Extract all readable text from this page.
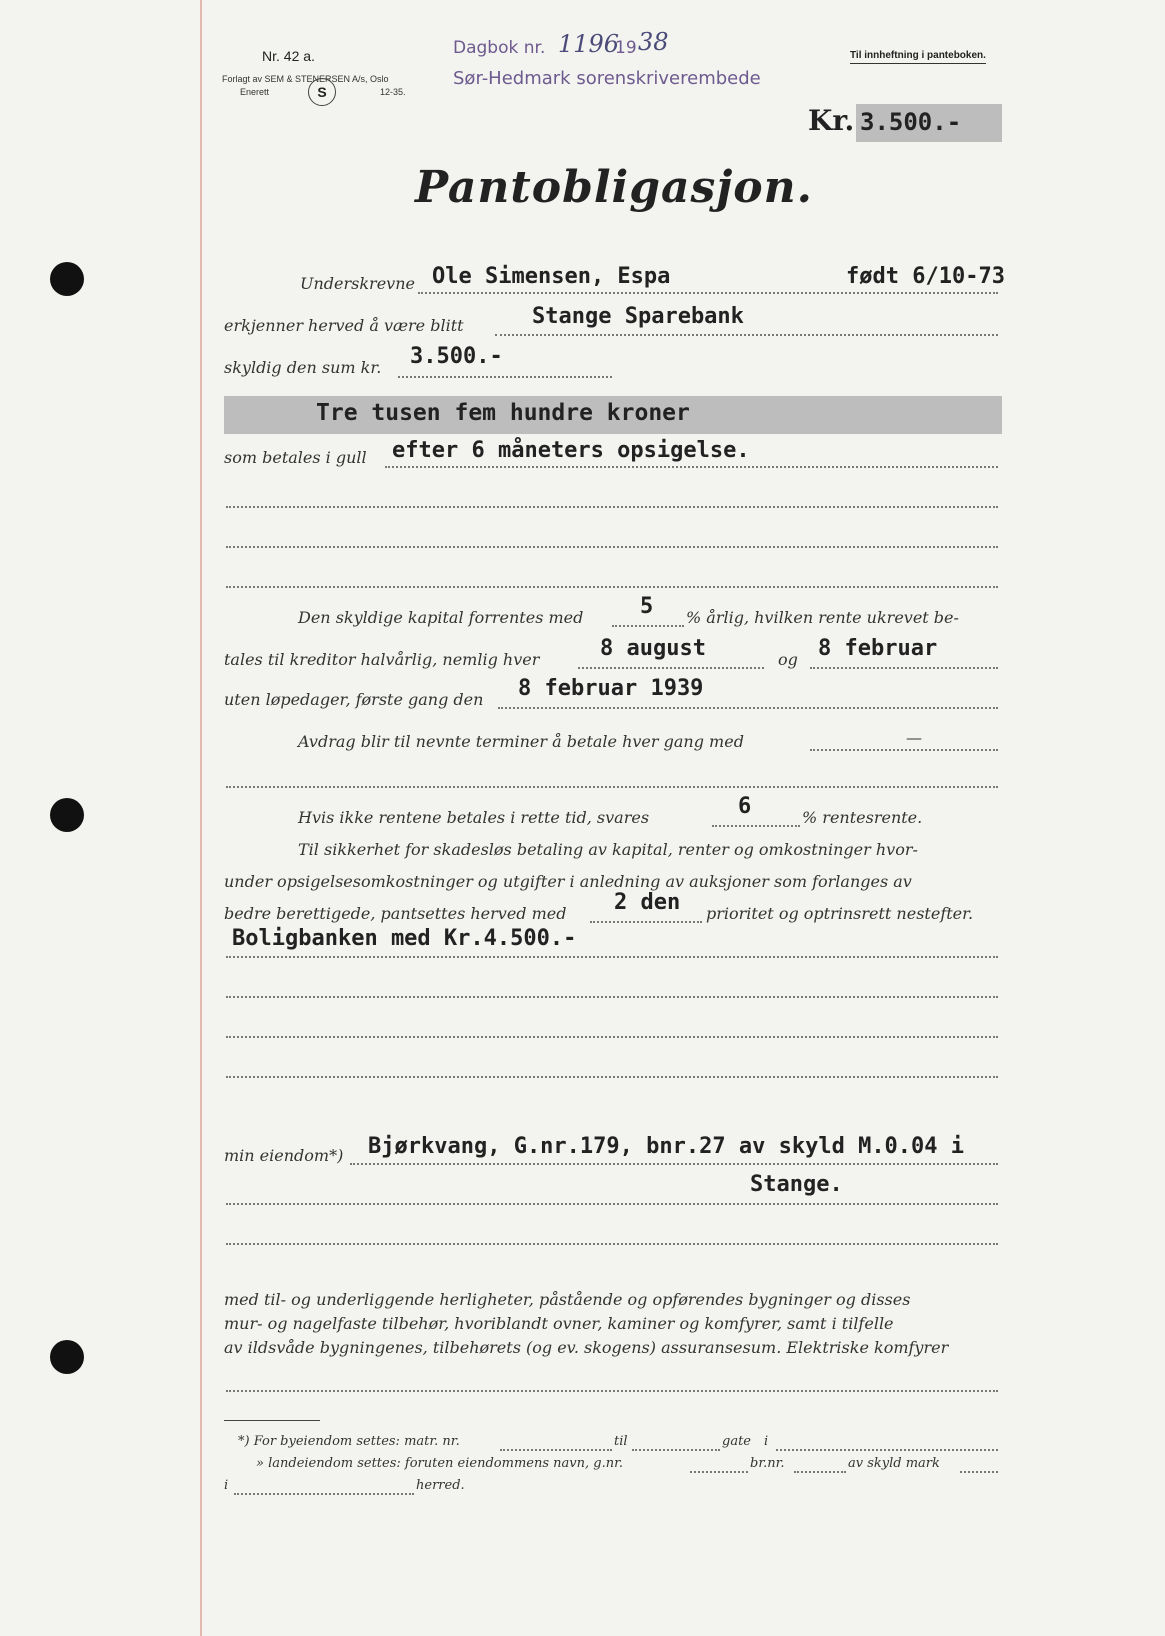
Nr. 42 a.
Forlagt av SEM & STENERSEN A/s, Oslo
Enerett	S	12-35.
Dagbok nr. 1196
19 38
Sør-Hedmark sorenskriverembede
Til innheftning i panteboken.
Kr. 3.500.-
Pantobligasjon.
Underskrevne Ole Simensen, Espa	født 6/10-73
erkjenner herved å være blitt	Stange Sparebank
skyldig den sum kr. 3.500.-
Tre tusen fem hundre kroner
som betales i gull efter 6 måneters opsigelse.
Den skyldige kapital forrentes med	5 % årlig, hvilken rente ukrevet be-
tales til kreditor halvårlig, nemlig hver	8 august	og 8 februar
uten løpedager, første gang den 8 februar 1939
Avdrag blir til nevnte terminer å betale hver gang med	—
Hvis ikke rentene betales i rette tid, svares	6	% rentesrente.
Til sikkerhet for skadesløs betaling av kapital, renter og omkostninger hvor-
under opsigelsesomkostninger og utgifter i anledning av auksjoner som forlanges av
bedre berettigede, pantsettes herved med 2 den prioritet og optrinsrett nestefter.
Boligbanken med Kr.4.500.-
min eiendom*) Bjørkvang, G.nr.179, bnr.27 av skyld M.0.04 i
Stange.
med til- og underliggende herligheter, påstående og opførendes bygninger og disses
mur- og nagelfaste tilbehør, hvoriblandt ovner, kaminer og komfyrer, samt i tilfelle
av ildsvåde bygningenes, tilbehørets (og ev. skogens) assuransesum. Elektriske komfyrer
*) For byeiendom settes: matr. nr.	til	gate i
» landeiendom settes: foruten eiendommens navn, g.nr.	br.nr.	av skyld mark
i	herred.
